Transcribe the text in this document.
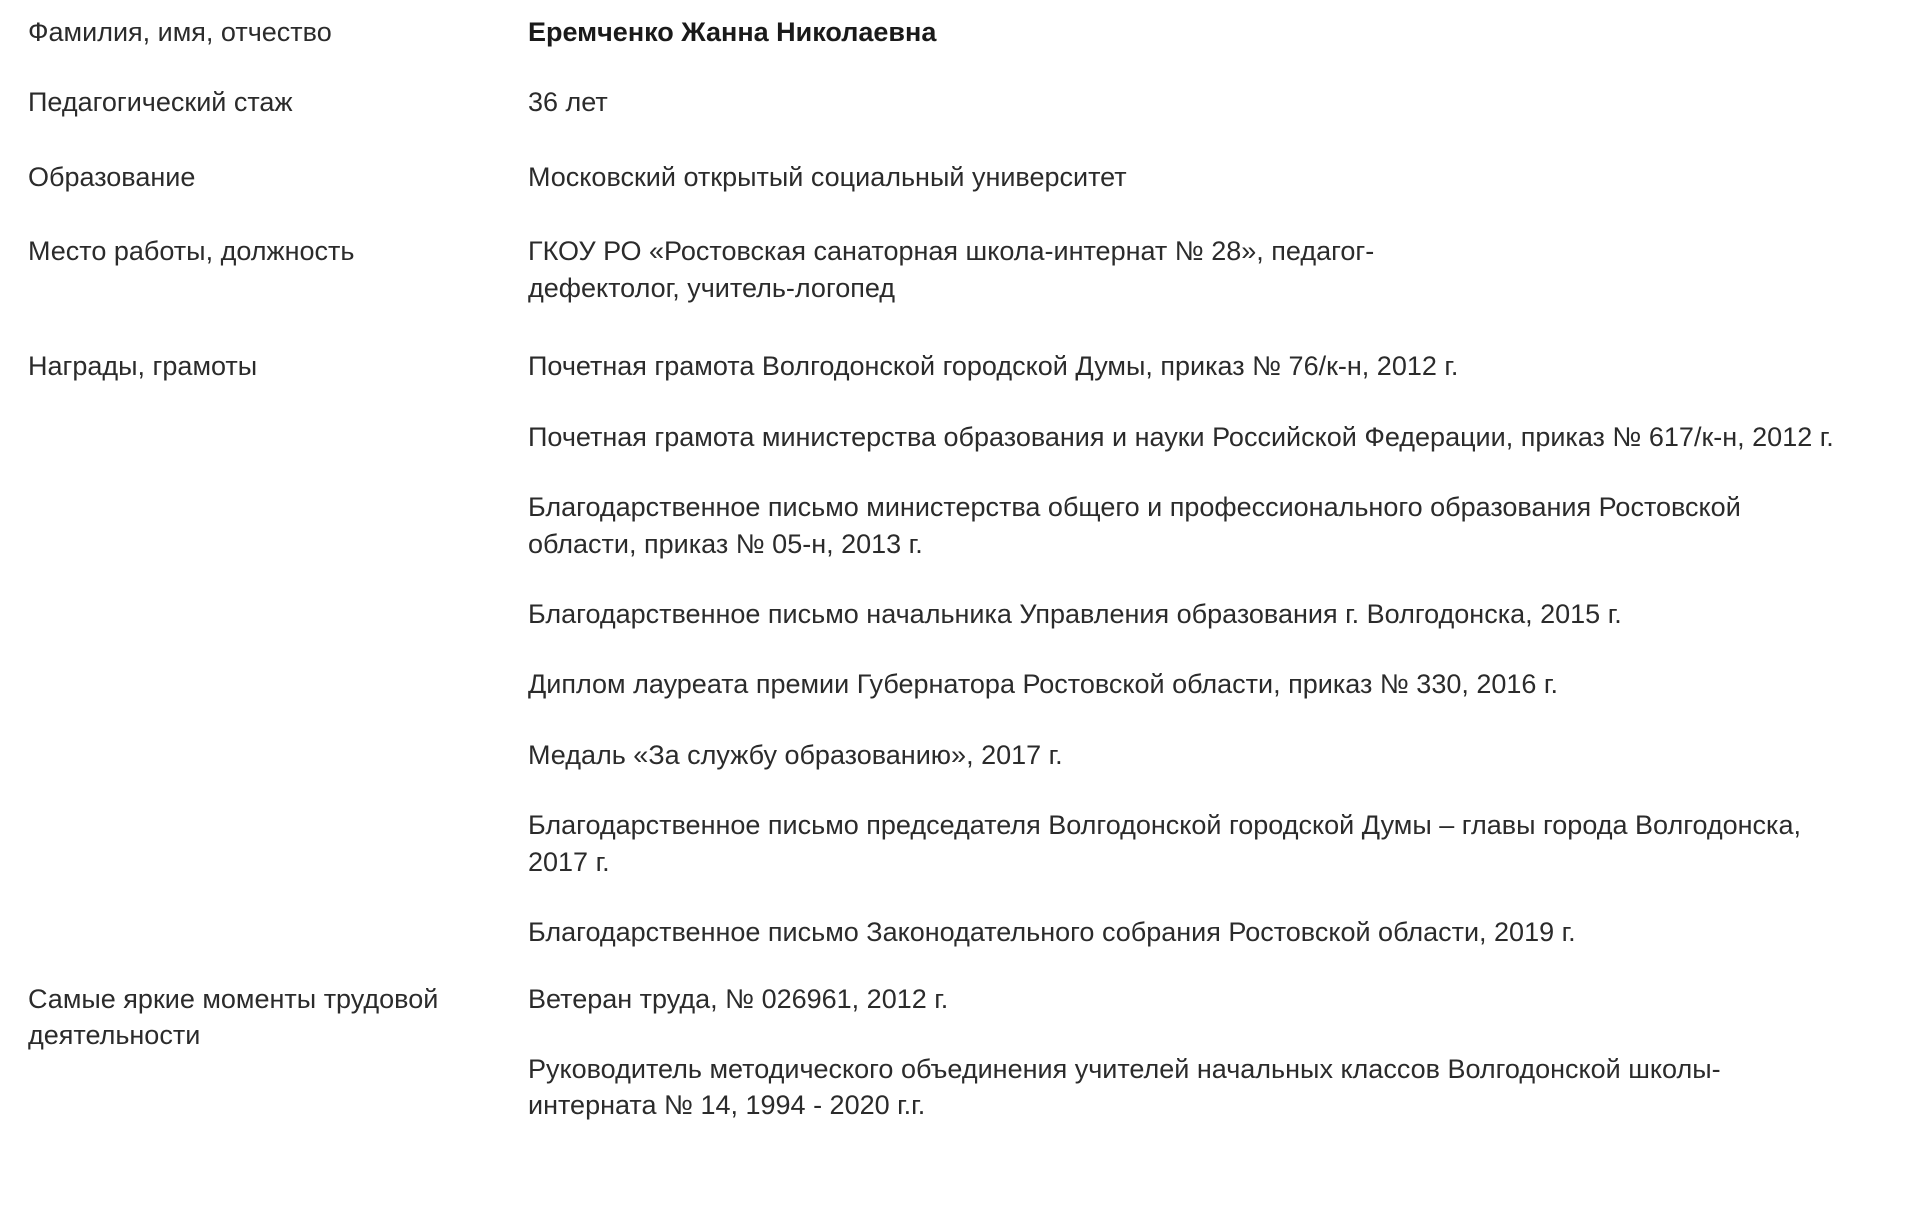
Фамилия, имя, отчество	Еремченко Жанна Николаевна

Педагогический стаж	36 лет

Образование	Московский открытый социальный университет

Место работы, должность	ГКОУ РО «Ростовская санаторная школа-интернат № 28», педагог-дефектолог, учитель-логопед

Награды, грамоты	Почетная грамота Волгодонской городской Думы, приказ № 76/к-н, 2012 г.
Почетная грамота министерства образования и науки Российской Федерации, приказ № 617/к-н, 2012 г.
Благодарственное письмо министерства общего и профессионального образования Ростовской области, приказ № 05-н, 2013 г.
Благодарственное письмо начальника Управления образования г. Волгодонска, 2015 г.
Диплом лауреата премии Губернатора Ростовской области, приказ № 330, 2016 г.
Медаль «За службу образованию», 2017 г.
Благодарственное письмо председателя Волгодонской городской Думы – главы города Волгодонска, 2017 г.
Благодарственное письмо Законодательного собрания Ростовской области, 2019 г.

Самые яркие моменты трудовой деятельности	Ветеран труда, № 026961, 2012 г.
Руководитель методического объединения учителей начальных классов Волгодонской школы-интерната № 14, 1994 - 2020 г.г.
